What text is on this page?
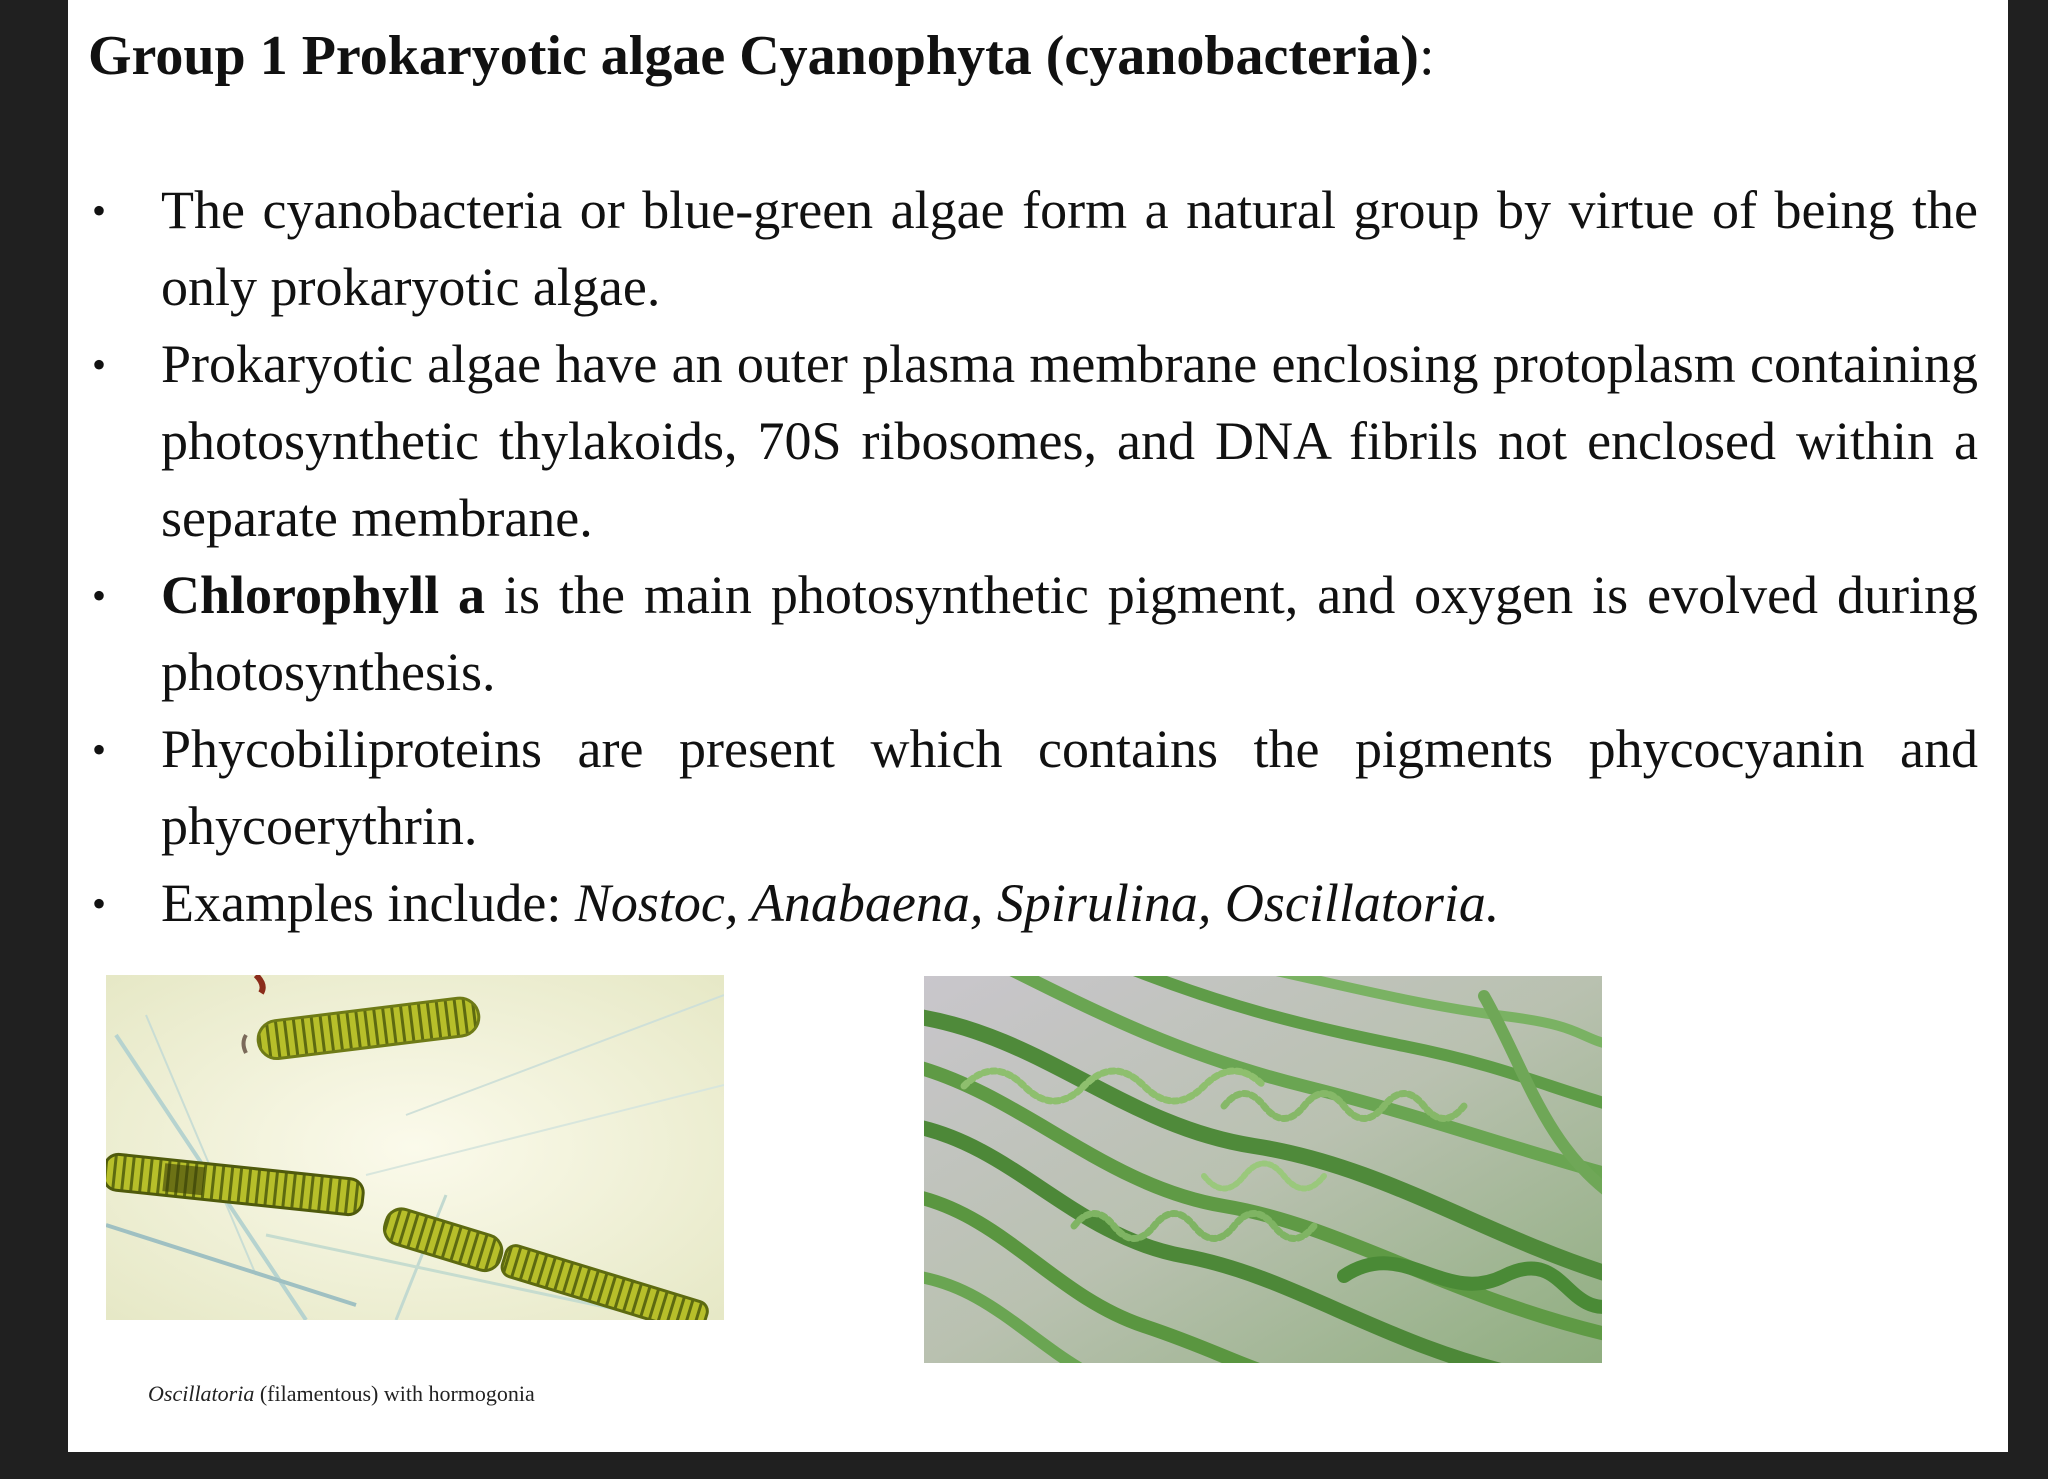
Group 1 Prokaryotic algae Cyanophyta (cyanobacteria):
• The cyanobacteria or blue-green algae form a natural group by virtue of being the only prokaryotic algae.
• Prokaryotic algae have an outer plasma membrane enclosing protoplasm containing photosynthetic thylakoids, 70S ribosomes, and DNA fibrils not enclosed within a separate membrane.
• Chlorophyll a is the main photosynthetic pigment, and oxygen is evolved during photosynthesis.
• Phycobiliproteins are present which contains the pigments phycocyanin and phycoerythrin.
• Examples include: Nostoc, Anabaena, Spirulina, Oscillatoria.
Oscillatoria (filamentous) with hormogonia
